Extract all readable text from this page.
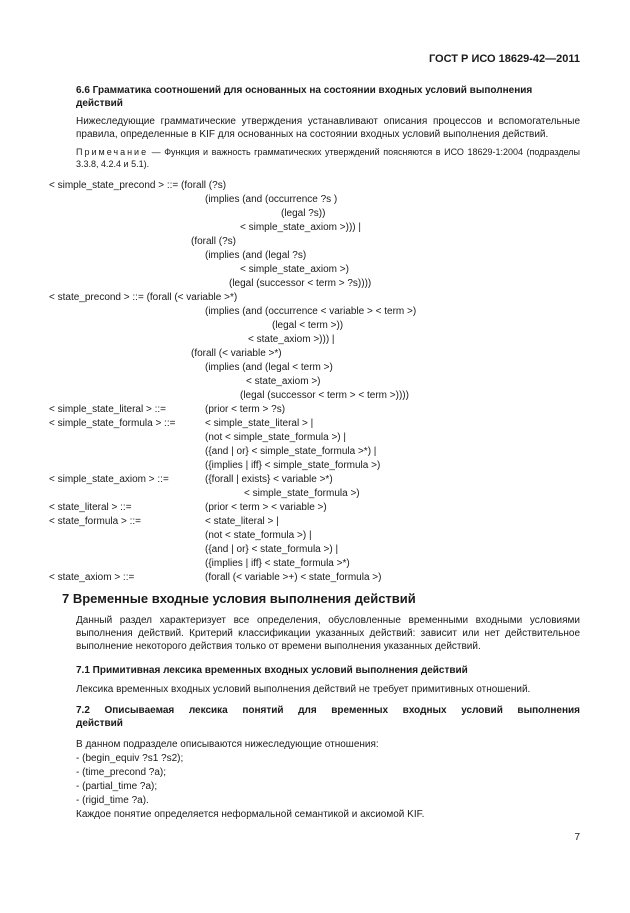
ГОСТ Р ИСО 18629-42—2011
6.6 Грамматика соотношений для основанных на состоянии входных условий выполнения
действий
Нижеследующие грамматические утверждения устанавливают описания процессов и вспомогательные правила, определенные в KIF для основанных на состоянии входных условий выполнения действий.
Примечание — Функция и важность грамматических утверждений поясняются в ИСО 18629-1:2004 (подразделы 3.3.8, 4.2.4 и 5.1).
< simple_state_precond > ::= (forall (?s)
(implies (and (occurrence ?s )
(legal ?s))
< simple_state_axiom >))) |
(forall (?s)
(implies (and (legal ?s)
< simple_state_axiom >)
(legal (successor < term > ?s))))
< state_precond > ::= (forall (< variable >*)
(implies (and (occurrence < variable > < term >)
(legal < term >))
< state_axiom >))) |
(forall (< variable >*)
(implies (and (legal < term >)
< state_axiom >)
(legal (successor < term > < term >))))
< simple_state_literal > ::=	(prior < term > ?s)
< simple_state_formula > ::=	< simple_state_literal > |
(not < simple_state_formula >) |
({and | or} < simple_state_formula >*) |
({implies | iff} < simple_state_formula >)
< simple_state_axiom > ::=	({forall | exists} < variable >*)
< simple_state_formula >)
< state_literal > ::=	(prior < term > < variable >)
< state_formula > ::=	< state_literal > |
(not < state_formula >) |
({and | or} < state_formula >) |
({implies | iff} < state_formula >*)
< state_axiom > ::=	(forall (< variable >+) < state_formula >)
7 Временные входные условия выполнения действий
Данный раздел характеризует все определения, обусловленные временными входными условиями выполнения действий. Критерий классификации указанных действий: зависит или нет действительное выполнение некоторого действия только от времени выполнения указанных действий.
7.1 Примитивная лексика временных входных условий выполнения действий
Лексика временных входных условий выполнения действий не требует примитивных отношений.
7.2 Описываемая лексика понятий для временных входных условий выполнения
действий
В данном подразделе описываются нижеследующие отношения:
- (begin_equiv ?s1 ?s2);
- (time_precond ?a);
- (partial_time ?a);
- (rigid_time ?a).
Каждое понятие определяется неформальной семантикой и аксиомой KIF.
7
